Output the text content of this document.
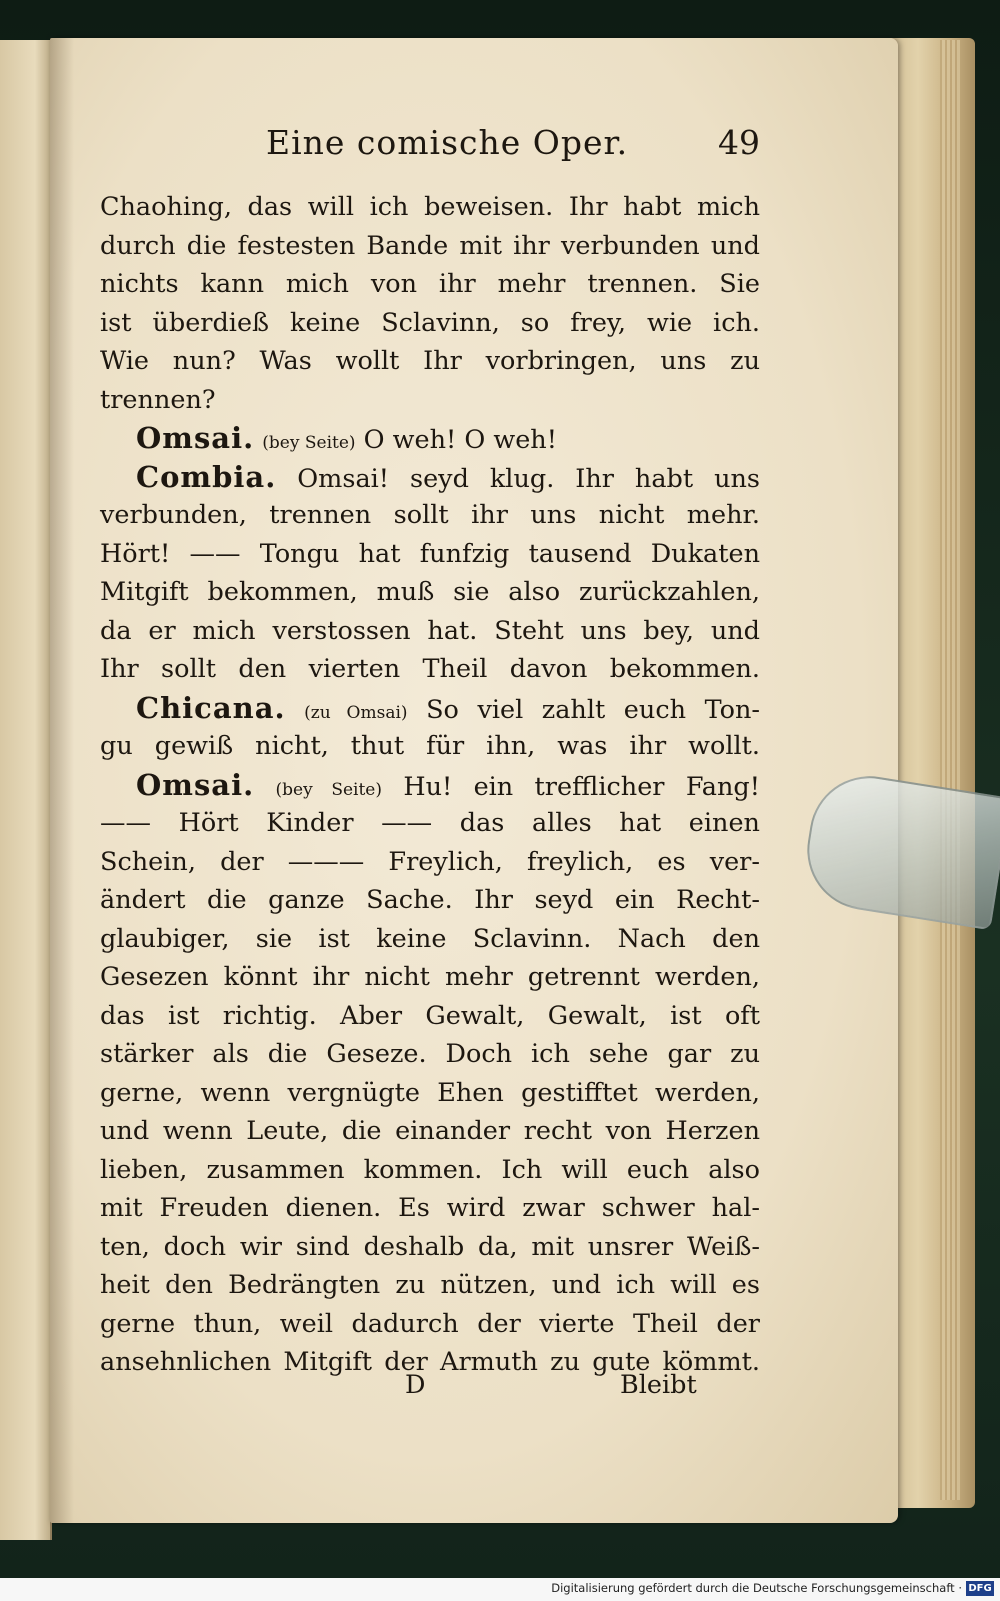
Eine comische Oper.	49
Chaohing, das will ich beweisen. Ihr habt mich
durch die festesten Bande mit ihr verbunden und
nichts kann mich von ihr mehr trennen. Sie
ist überdieß keine Sclavinn, so frey, wie ich.
Wie nun? Was wollt Ihr vorbringen, uns zu
trennen?
Omsai. (bey Seite) O weh! O weh!
Combia. Omsai! seyd klug. Ihr habt uns
verbunden, trennen sollt ihr uns nicht mehr.
Hört! —— Tongu hat funfzig tausend Dukaten
Mitgift bekommen, muß sie also zurückzahlen,
da er mich verstossen hat. Steht uns bey, und
Ihr sollt den vierten Theil davon bekommen.
Chicana. (zu Omsai) So viel zahlt euch Ton-
gu gewiß nicht, thut für ihn, was ihr wollt.
Omsai. (bey Seite) Hu! ein trefflicher Fang!
—— Hört Kinder —— das alles hat einen
Schein, der ——— Freylich, freylich, es ver-
ändert die ganze Sache. Ihr seyd ein Recht-
glaubiger, sie ist keine Sclavinn. Nach den
Gesezen könnt ihr nicht mehr getrennt werden,
das ist richtig. Aber Gewalt, Gewalt, ist oft
stärker als die Geseze. Doch ich sehe gar zu
gerne, wenn vergnügte Ehen gestifftet werden,
und wenn Leute, die einander recht von Herzen
lieben, zusammen kommen. Ich will euch also
mit Freuden dienen. Es wird zwar schwer hal-
ten, doch wir sind deshalb da, mit unsrer Weiß-
heit den Bedrängten zu nützen, und ich will es
gerne thun, weil dadurch der vierte Theil der
ansehnlichen Mitgift der Armuth zu gute kömmt.
D	Bleibt
Digitalisierung gefördert durch die Deutsche Forschungsgemeinschaft · DFG
